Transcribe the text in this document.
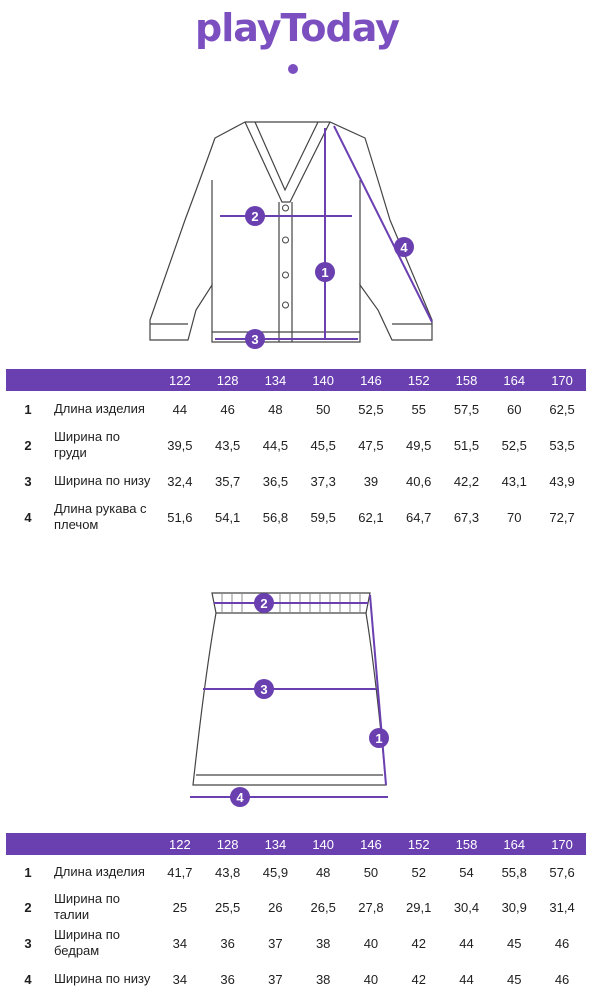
playToday
1
2
3
4
		122	128	134	140	146	152	158	164	170
1	Длина изделия	44	46	48	50	52,5	55	57,5	60	62,5
2	Ширина по груди	39,5	43,5	44,5	45,5	47,5	49,5	51,5	52,5	53,5
3	Ширина по низу	32,4	35,7	36,5	37,3	39	40,6	42,2	43,1	43,9
4	Длина рукава с плечом	51,6	54,1	56,8	59,5	62,1	64,7	67,3	70	72,7
1
2
3
4
		122	128	134	140	146	152	158	164	170
1	Длина изделия	41,7	43,8	45,9	48	50	52	54	55,8	57,6
2	Ширина по талии	25	25,5	26	26,5	27,8	29,1	30,4	30,9	31,4
3	Ширина по бедрам	34	36	37	38	40	42	44	45	46
4	Ширина по низу	34	36	37	38	40	42	44	45	46
